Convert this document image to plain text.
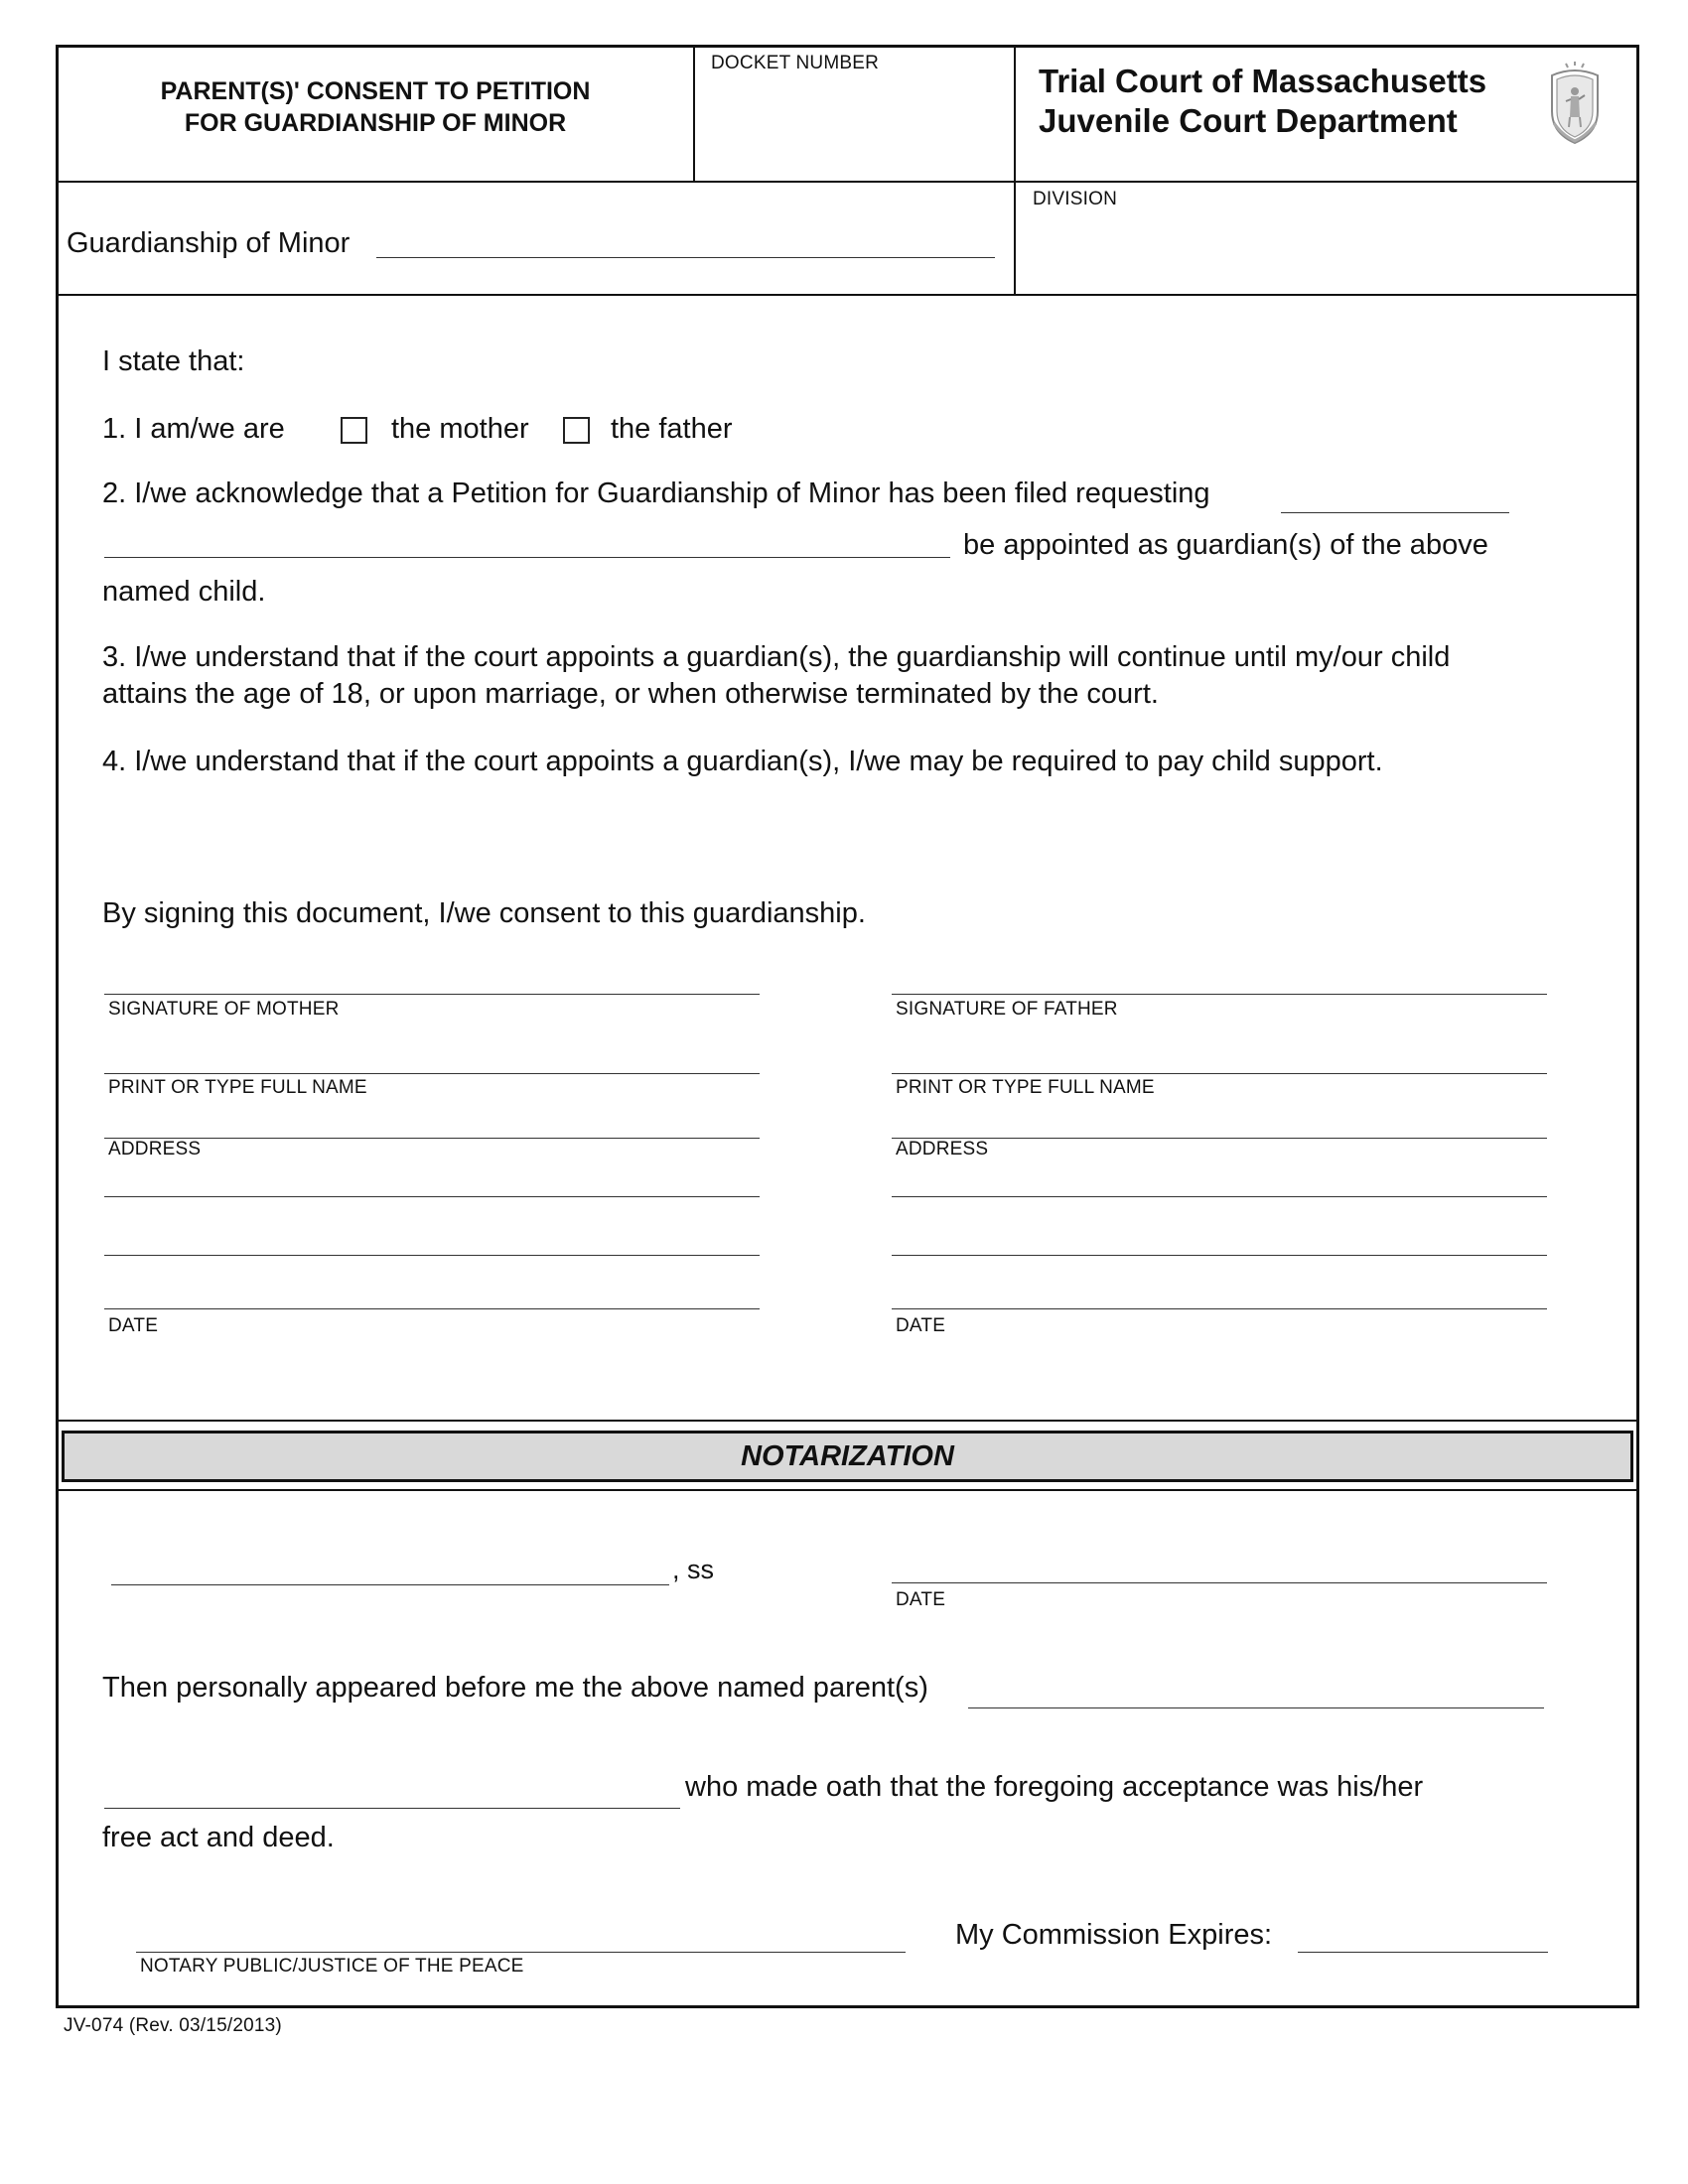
PARENT(S)' CONSENT TO PETITION
FOR GUARDIANSHIP OF MINOR
DOCKET NUMBER	Trial Court of Massachusetts
Juvenile Court Department
DIVISION
Guardianship of Minor
I state that:
1. I am/we are	the mother	the father
2. I/we acknowledge that a Petition for Guardianship of Minor has been filed requesting
be appointed as guardian(s) of the above
named child.
3. I/we understand that if the court appoints a guardian(s), the guardianship will continue until my/our child
attains the age of 18, or upon marriage, or when otherwise terminated by the court.
4. I/we understand that if the court appoints a guardian(s), I/we may be required to pay child support.
By signing this document, I/we consent to this guardianship.
SIGNATURE OF MOTHER
PRINT OR TYPE FULL NAME
ADDRESS
DATE
SIGNATURE OF FATHER
PRINT OR TYPE FULL NAME
ADDRESS
DATE
NOTARIZATION
, ss
DATE
Then personally appeared before me the above named parent(s)
who made oath that the foregoing acceptance was his/her
free act and deed.
NOTARY PUBLIC/JUSTICE OF THE PEACE
My Commission Expires:
JV-074 (Rev. 03/15/2013)
